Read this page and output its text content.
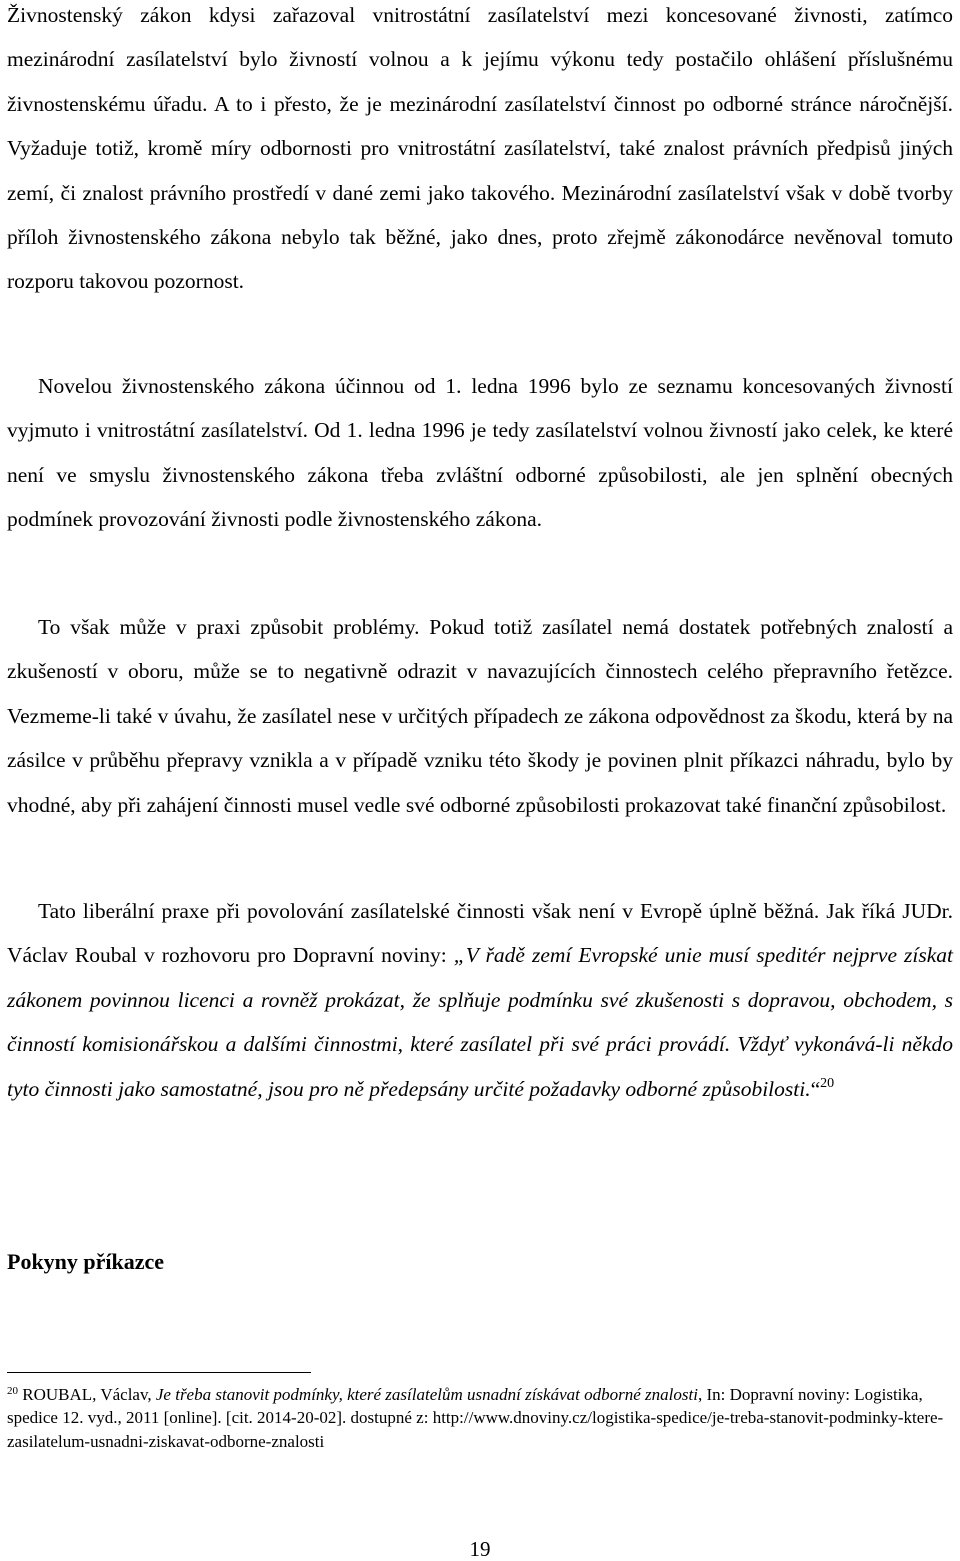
Živnostenský zákon kdysi zařazoval vnitrostátní zasílatelství mezi koncesované živnosti, zatímco mezinárodní zasílatelství bylo živností volnou a k jejímu výkonu tedy postačilo ohlášení příslušnému živnostenskému úřadu. A to i přesto, že je mezinárodní zasílatelství činnost po odborné stránce náročnější. Vyžaduje totiž, kromě míry odbornosti pro vnitrostátní zasílatelství, také znalost právních předpisů jiných zemí, či znalost právního prostředí v dané zemi jako takového. Mezinárodní zasílatelství však v době tvorby příloh živnostenského zákona nebylo tak běžné, jako dnes, proto zřejmě zákonodárce nevěnoval tomuto rozporu takovou pozornost.

Novelou živnostenského zákona účinnou od 1. ledna 1996 bylo ze seznamu koncesovaných živností vyjmuto i vnitrostátní zasílatelství. Od 1. ledna 1996 je tedy zasílatelství volnou živností jako celek, ke které není ve smyslu živnostenského zákona třeba zvláštní odborné způsobilosti, ale jen splnění obecných podmínek provozování živnosti podle živnostenského zákona.

To však může v praxi způsobit problémy. Pokud totiž zasílatel nemá dostatek potřebných znalostí a zkušeností v oboru, může se to negativně odrazit v navazujících činnostech celého přepravního řetězce. Vezmeme-li také v úvahu, že zasílatel nese v určitých případech ze zákona odpovědnost za škodu, která by na zásilce v průběhu přepravy vznikla a v případě vzniku této škody je povinen plnit příkazci náhradu, bylo by vhodné, aby při zahájení činnosti musel vedle své odborné způsobilosti prokazovat také finanční způsobilost.

Tato liberální praxe při povolování zasílatelské činnosti však není v Evropě úplně běžná. Jak říká JUDr. Václav Roubal v rozhovoru pro Dopravní noviny: „V řadě zemí Evropské unie musí speditér nejprve získat zákonem povinnou licenci a rovněž prokázat, že splňuje podmínku své zkušenosti s dopravou, obchodem, s činností komisionářskou a dalšími činnostmi, které zasílatel při své práci provádí. Vždyť vykonává-li někdo tyto činnosti jako samostatné, jsou pro ně předepsány určité požadavky odborné způsobilosti.“$^{20}$

Pokyny příkazce

$^{20}$ ROUBAL, Václav, Je třeba stanovit podmínky, které zasílatelům usnadní získávat odborné znalosti, In: Dopravní noviny: Logistika, spedice 12. vyd., 2011 [online]. [cit. 2014-20-02]. dostupné z: http://www.dnoviny.cz/logistika-spedice/je-treba-stanovit-podminky-ktere-zasilatelum-usnadni-ziskavat-odborne-znalosti

19
